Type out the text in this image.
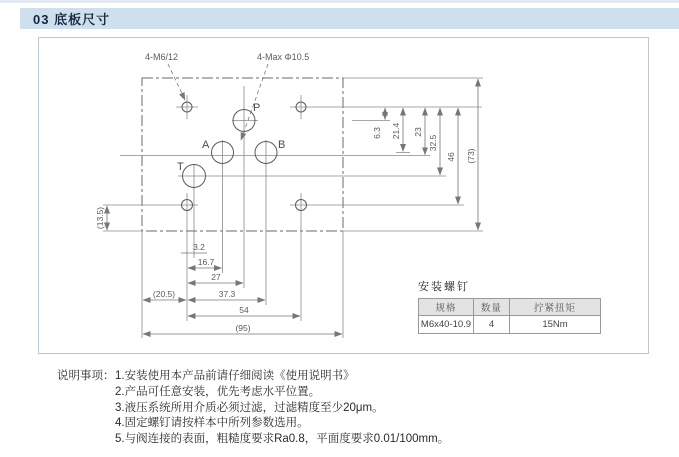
03 底板尺寸
4-M6/12	4-Max Φ10.5
P
A	B
T
3.2
16.7
27
(20.5)	37.3
54
(95)
6.3 21.4 23
32.5
46 (73)
(13.5)
安装螺钉
规格	数量	拧紧扭矩
M6x40-10.9	4	15Nm
说明事项： 1.安装使用本产品前请仔细阅读《使用说明书》
2.产品可任意安装，优先考虑水平位置。
3.液压系统所用介质必须过滤，过滤精度至少20μm。
4.固定螺钉请按样本中所列参数选用。
5.与阀连接的表面，粗糙度要求Ra0.8，平面度要求0.01/100mm。
